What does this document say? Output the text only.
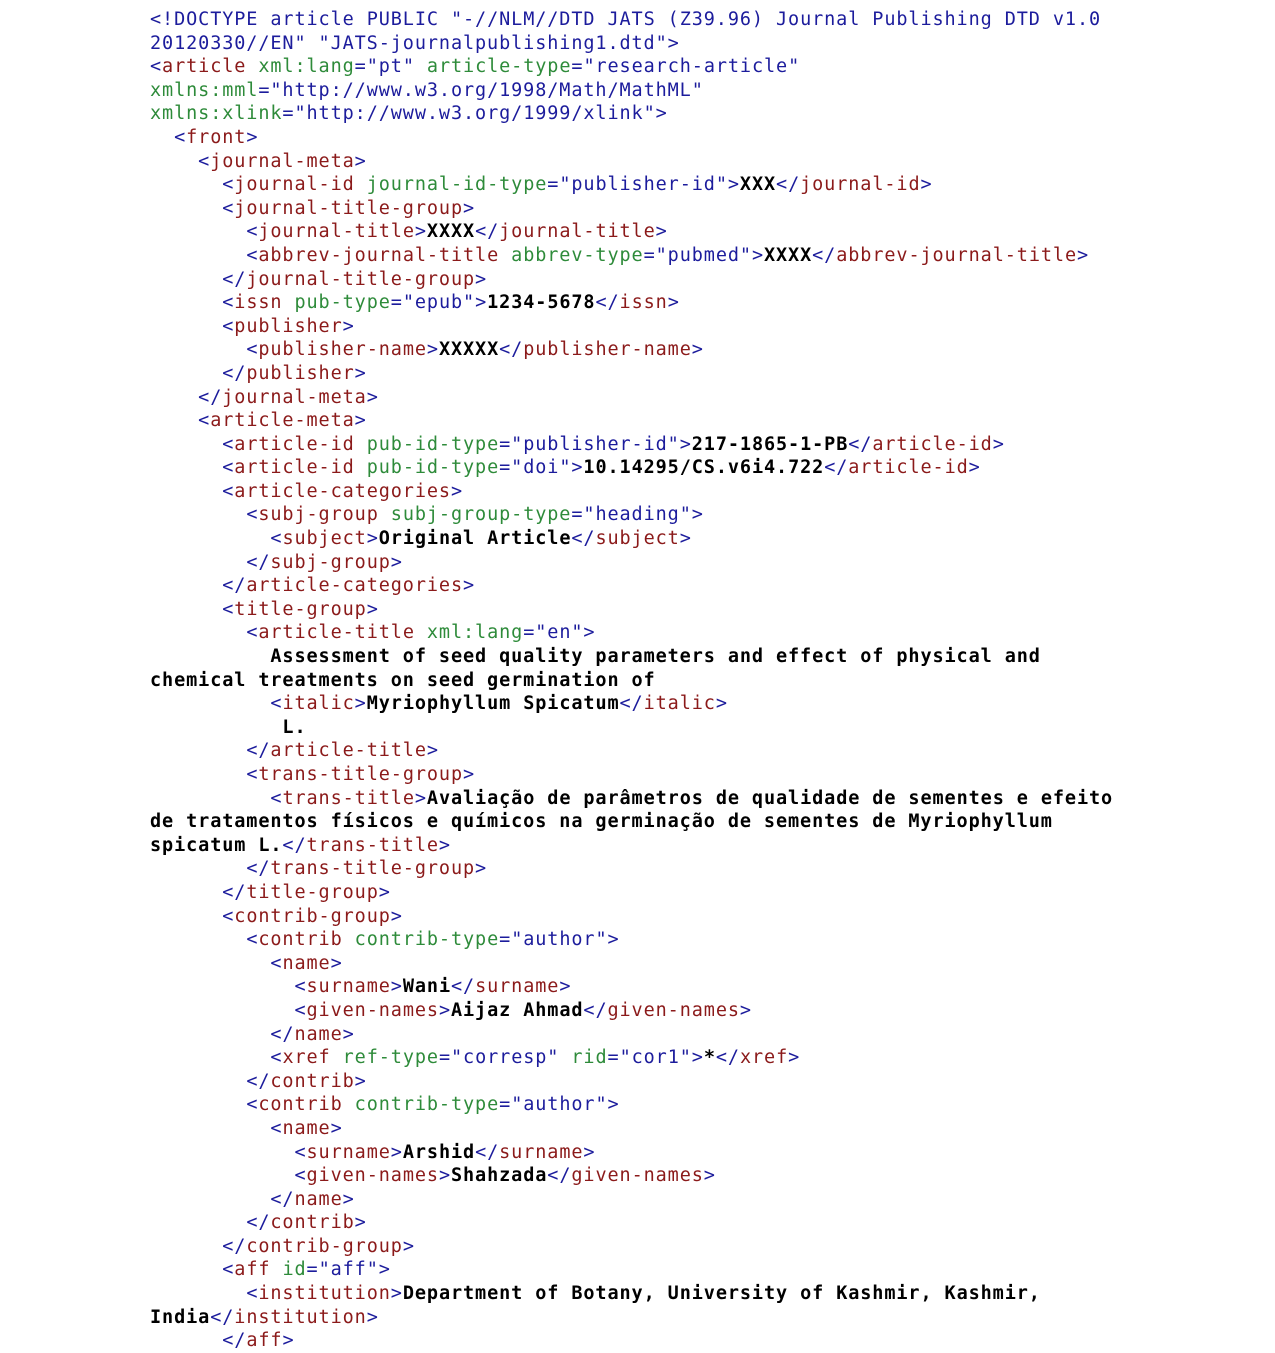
<!DOCTYPE article PUBLIC "-//NLM//DTD JATS (Z39.96) Journal Publishing DTD v1.0
20120330//EN" "JATS-journalpublishing1.dtd">
<article xml:lang="pt" article-type="research-article"
xmlns:mml="http://www.w3.org/1998/Math/MathML"
xmlns:xlink="http://www.w3.org/1999/xlink">
<front>
<journal-meta>
<journal-id journal-id-type="publisher-id">XXX</journal-id>
<journal-title-group>
<journal-title>XXXX</journal-title>
<abbrev-journal-title abbrev-type="pubmed">XXXX</abbrev-journal-title>
</journal-title-group>
<issn pub-type="epub">1234-5678</issn>
<publisher>
<publisher-name>XXXXX</publisher-name>
</publisher>
</journal-meta>
<article-meta>
<article-id pub-id-type="publisher-id">217-1865-1-PB</article-id>
<article-id pub-id-type="doi">10.14295/CS.v6i4.722</article-id>
<article-categories>
<subj-group subj-group-type="heading">
<subject>Original Article</subject>
</subj-group>
</article-categories>
<title-group>
<article-title xml:lang="en">
Assessment of seed quality parameters and effect of physical and
chemical treatments on seed germination of
<italic>Myriophyllum Spicatum</italic>
L.
</article-title>
<trans-title-group>
<trans-title>Avaliação de parâmetros de qualidade de sementes e efeito
de tratamentos físicos e químicos na germinação de sementes de Myriophyllum
spicatum L.</trans-title>
</trans-title-group>
</title-group>
<contrib-group>
<contrib contrib-type="author">
<name>
<surname>Wani</surname>
<given-names>Aijaz Ahmad</given-names>
</name>
<xref ref-type="corresp" rid="cor1">*</xref>
</contrib>
<contrib contrib-type="author">
<name>
<surname>Arshid</surname>
<given-names>Shahzada</given-names>
</name>
</contrib>
</contrib-group>
<aff id="aff">
<institution>Department of Botany, University of Kashmir, Kashmir,
India</institution>
</aff>
